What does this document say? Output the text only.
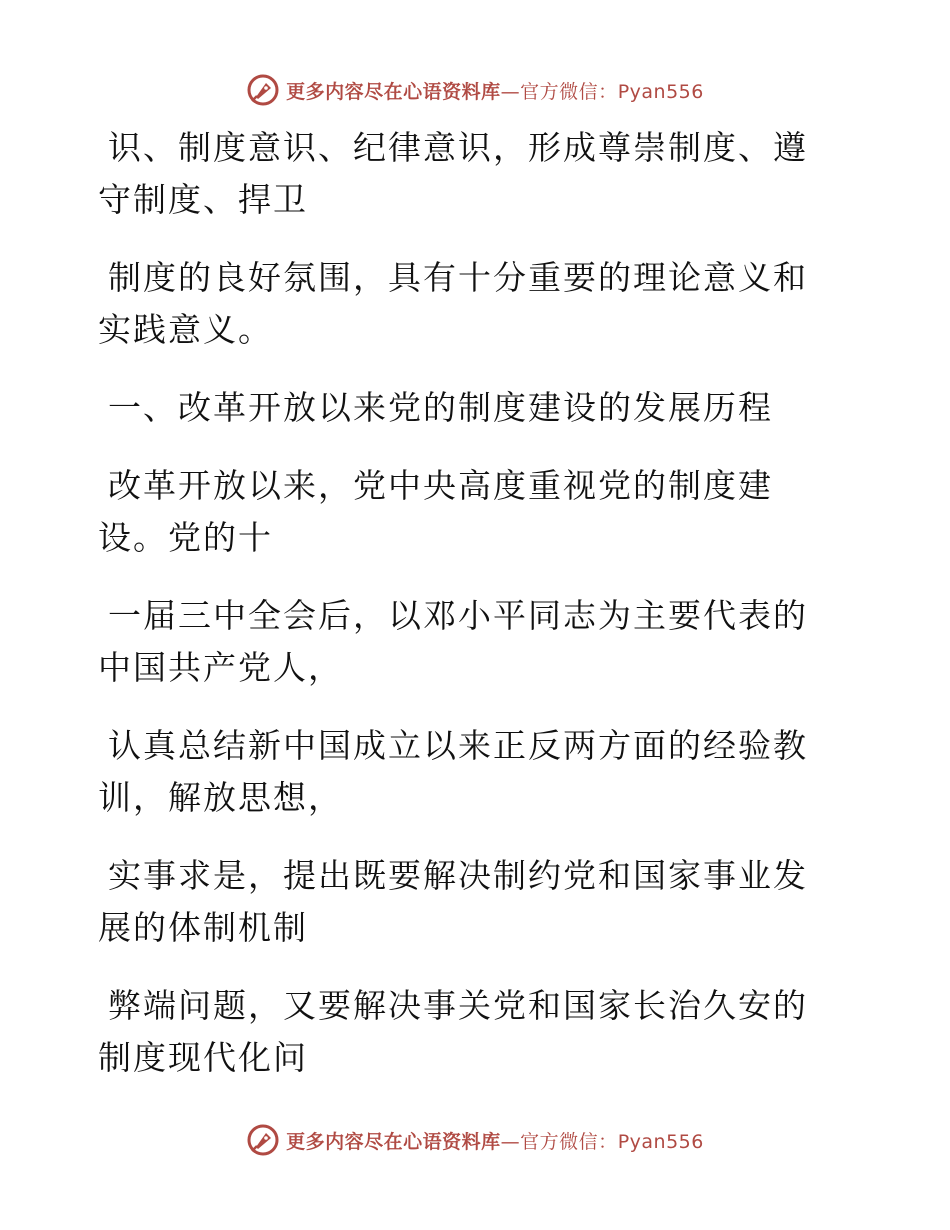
更多内容尽在心语资料库—官方微信：Pyan556

识、制度意识、纪律意识，形成尊崇制度、遵守制度、捍卫

制度的良好氛围，具有十分重要的理论意义和实践意义。

一、改革开放以来党的制度建设的发展历程

改革开放以来，党中央高度重视党的制度建设。党的十

一届三中全会后，以邓小平同志为主要代表的中国共产党人，

认真总结新中国成立以来正反两方面的经验教训，解放思想，

实事求是，提出既要解决制约党和国家事业发展的体制机制

弊端问题，又要解决事关党和国家长治久安的制度现代化问

更多内容尽在心语资料库—官方微信：Pyan556
